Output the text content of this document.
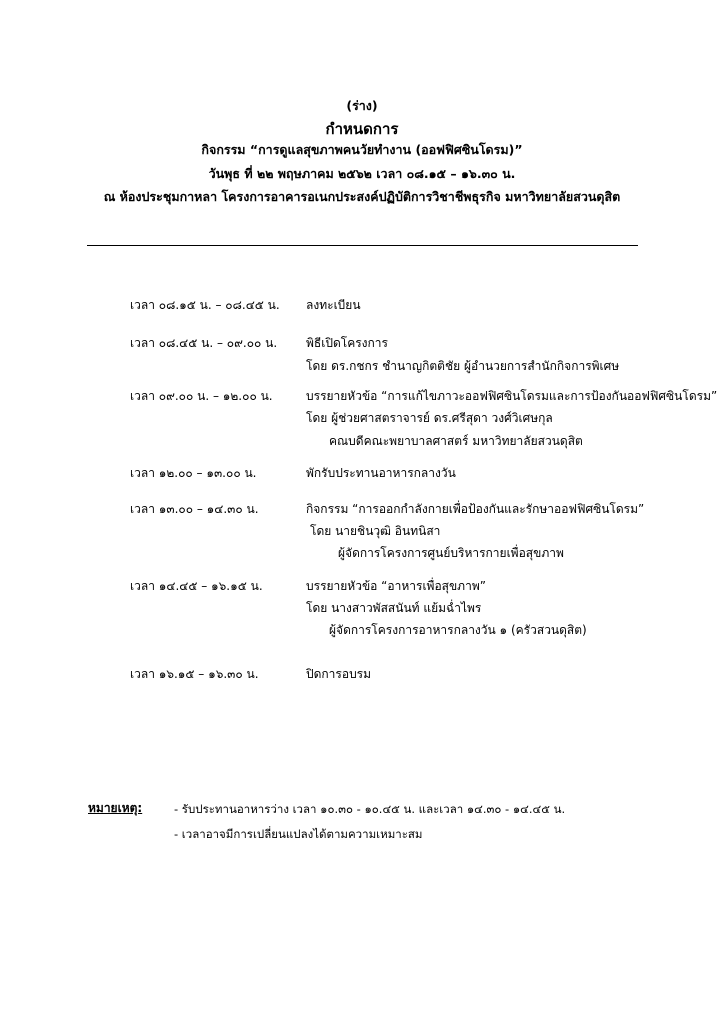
(ร่าง)
กำหนดการ
กิจกรรม “การดูแลสุขภาพคนวัยทำงาน (ออฟฟิศซินโดรม)”
วันพุธ ที่ ๒๒ พฤษภาคม ๒๕๖๒ เวลา ๐๘.๑๕ – ๑๖.๓๐ น.
ณ ห้องประชุมกาหลา โครงการอาคารอเนกประสงค์ปฏิบัติการวิชาชีพธุรกิจ มหาวิทยาลัยสวนดุสิต
เวลา ๐๘.๑๕ น. – ๐๘.๔๕ น. ลงทะเบียน
เวลา ๐๘.๔๕ น. – ๐๙.๐๐ น. พิธีเปิดโครงการ
โดย ดร.กชกร ชำนาญกิตติชัย ผู้อำนวยการสำนักกิจการพิเศษ
เวลา ๐๙.๐๐ น. – ๑๒.๐๐ น.	บรรยายหัวข้อ “การแก้ไขภาวะออฟฟิศซินโดรมและการป้องกันออฟฟิศซินโดรม”
โดย ผู้ช่วยศาสตราจารย์ ดร.ศรีสุดา วงศ์วิเศษกุล
คณบดีคณะพยาบาลศาสตร์ มหาวิทยาลัยสวนดุสิต
เวลา ๑๒.๐๐ – ๑๓.๐๐ น.	พักรับประทานอาหารกลางวัน
เวลา ๑๓.๐๐ – ๑๔.๓๐ น.	กิจกรรม “การออกกำลังกายเพื่อป้องกันและรักษาออฟฟิศซินโดรม”
โดย นายชินวุฒิ อินทนิสา
ผู้จัดการโครงการศูนย์บริหารกายเพื่อสุขภาพ
เวลา ๑๔.๔๕ – ๑๖.๑๕ น.	บรรยายหัวข้อ “อาหารเพื่อสุขภาพ”
โดย นางสาวพัสสนันท์ แย้มฉ่ำไพร
ผู้จัดการโครงการอาหารกลางวัน ๑ (ครัวสวนดุสิต)
เวลา ๑๖.๑๕ – ๑๖.๓๐ น.	ปิดการอบรม
หมายเหตุ:	- รับประทานอาหารว่าง เวลา ๑๐.๓๐ - ๑๐.๔๕ น. และเวลา ๑๔.๓๐ - ๑๔.๔๕ น.
- เวลาอาจมีการเปลี่ยนแปลงได้ตามความเหมาะสม
